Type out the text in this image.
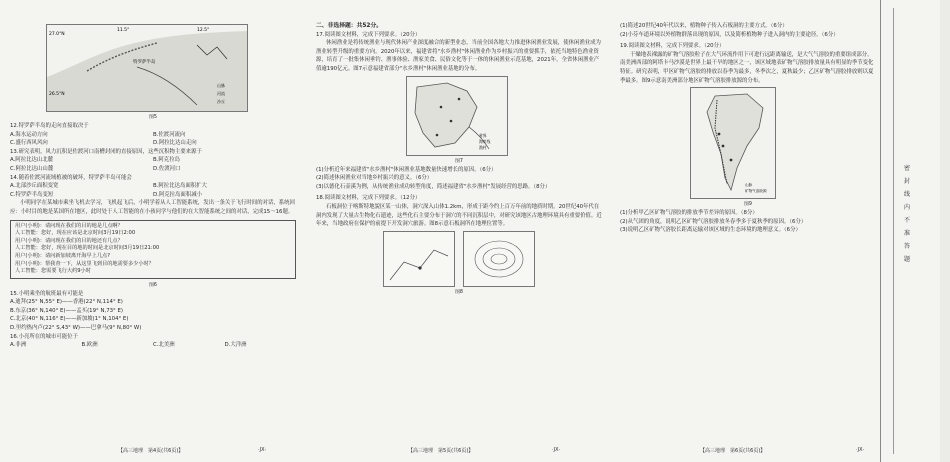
27.0°N
26.5°N
11.5°	12.5°
特罗萨半岛
山脉
河流
沙丘
图5

12.特罗萨半岛的走向直接取决于

A.海水运动方向	B.佐渡河流向
C.盛行西风风向	D.阿拉比达山走向

13.研究表明，风力沉积是佐渡河口南槽封闭的直接原因，这些沉积物主要来源于

A.阿拉比达山北麓	B.阿克拉岛
C.阿拉比达山山麓	D.佐渡河口

14.随着佐渡河流域植被的破坏，特罗萨半岛可能会

A.北部沙丘面积变宽	B.阿拉比达岛面积扩大
C.特罗萨半岛变短	D.阿克拉岛面积减小

小明同学在某城市乘坐飞机去学习，飞机起飞后，小明学着从人工智能系统，发出一条关于飞行时间的对话，系统回应：小时目的地是某国所在地区，此时处于人工智能的在小孩问学与他们的在大智能系统之间的对话，完成15～16题。

用户(小明)：请问现在我们的目的地是几点啊？
人工智能：您好，现在应该是北京时间3月19日2:00
用户(小明)：请问现在我们的目的地还有几点？
人工智能：您好，现在目的地的时间是北京时间3月19日21:00
用户(小明)：请问新加坡离开海早上几点?
用户(小明)：帮我查一下，从这里飞到目的地需要多少小时？
人工智能：您需要飞行大约9小时
图6

15.小明乘坐的航班最有可能是

A.迪拜(25° N,55° E)——香港(22° N,114° E)
B.东京(36° N,140° E)——孟买(19° N,73° E)
C.北京(40° N,116° E)——新加坡(1° N,104° E)
D.里约热内卢(22° S,43° W)——巴拿马(9° N,80° W)

16.小亮所在的城市可能位于

A.非洲	B.欧洲	C.北美洲	D.大洋洲
【高三地理　第4页(共6页)】	·JX·
二、非选择题：共52分。

17.阅读图文材料，完成下列要求。（20分）

休闲渔业是将传统渔业与现代休闲产业深度融合的新型业态，当前全国各地大力推进休闲渔业发展，使休闲渔业成为渔业转型升级的重要方向。2020年以来，福建省将"水乡渔村"休闲渔业作为乡村振兴的重要抓手，依托当地特色渔业资源，培育了一批集休闲垂钓、渔事体验、渔家美食、民俗文化等于一体的休闲渔业示范基地，2021年，全省休闲渔业产值逾190亿元。图7示意福建省部分"水乡渔村"休闲渔业基地的分布。

省界
海岸线
渔村
图7
(1)分析近年来福建省"水乡渔村"休闲渔业基地数量快速增长的原因。（6分）
(2)简述休闲渔业对当地乡村振兴的意义。（6分）
(3)以德化石壶溪为例，从传统渔业成功转型角度，简述福建省"水乡渔村"发展经营的思路。（8分）

18.阅读图文材料，完成下列要求。（12分）

石板洞位于喀斯特地貌区某一山体，洞穴深入山体1.2km，形成于距今约上百万年前的地质时期。20世纪40年代在洞内发现了大量古生物化石遗迹，这些化石主要分布于洞穴的不同沉积层中，对研究该地区古地理环境具有重要价值。近年来，当地政府在保护的前提下开发洞穴旅游。图8示意石板洞所在地理位置等。

图8
【高三地理　第5页(共6页)】	·JX·
(1)简述20世纪40年代以来，植物种子传入石板洞的主要方式。（6分）
(2)小芬车道环境以外植物群落出现的原因，以及简析植物种子进入洞内的主要途径。（6分）

19.阅读图文材料，完成下列要求。（20分）

干燥地表裸露的矿物气溶胶粒子在大气环流作用下可进行远距离输送，是大气气溶胶的重要组成部分。南美洲西部的阿塔卡马沙漠是世界上最干旱的地区之一，该区域地表矿物气溶胶排放量具有明显的季节变化特征。研究表明，甲区矿物气溶胶的排放以春季为最多，冬季次之，夏秋最少；乙区矿物气溶胶排放则以夏季最多。图9示意南美洲部分地区矿物气溶胶排放源的分布。

山脉
矿物气溶胶源
图9
(1)分析甲乙区矿物气溶胶的排放季节差异的原因。（8分）
(2)从气团的角度，说明乙区矿物气溶胶排放冬春季多于夏秋季的原因。（6分）
(3)说明乙区矿物气溶胶长距离运输对该区域的生态环境的地理意义。（6分）
【高三地理　第6页(共6页)】	·JX·
密
封
线
内
不
准
答
题
